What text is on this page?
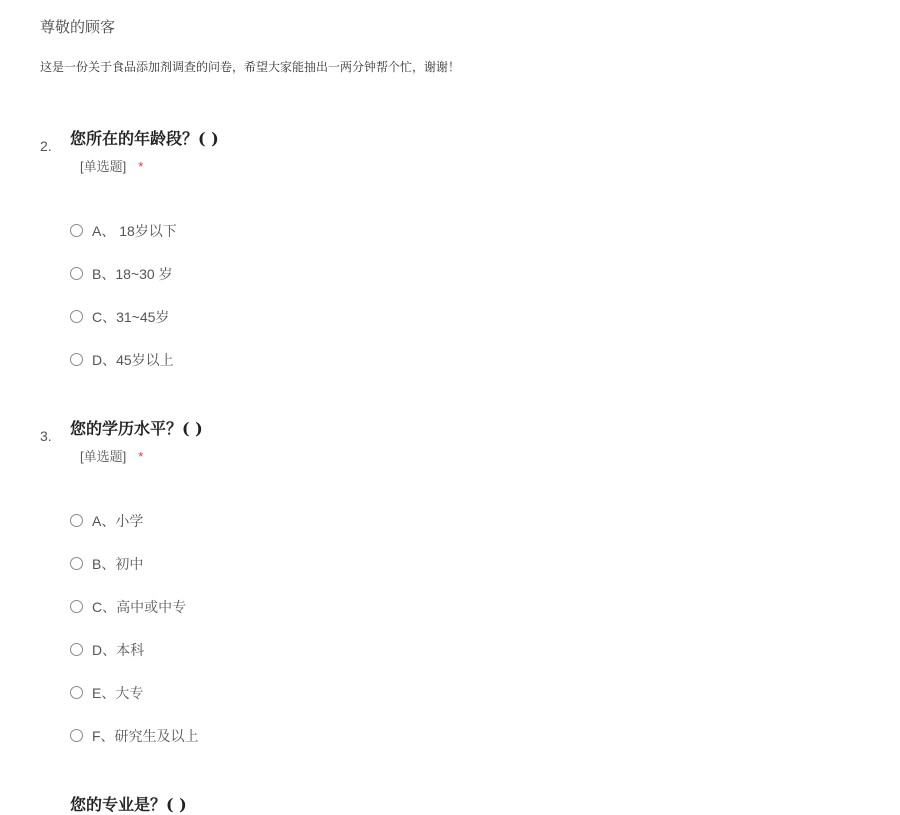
尊敬的顾客
这是一份关于食品添加剂调查的问卷，希望大家能抽出一两分钟帮个忙，谢谢！
2. 您所在的年龄段？( )
[单选题] *
A、 18岁以下
B、18~30 岁
C、31~45岁
D、45岁以上
3. 您的学历水平？( )
[单选题] *
A、小学
B、初中
C、高中或中专
D、本科
E、大专
F、研究生及以上
您的专业是？( )
